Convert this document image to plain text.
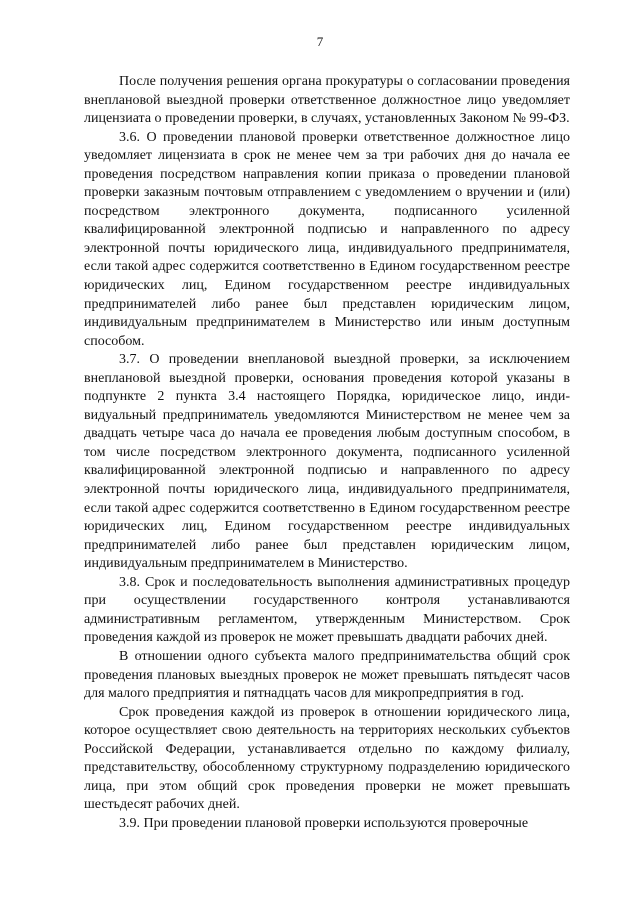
7

После получения решения органа прокуратуры о согласовании проведения внеплановой выездной проверки ответственное должностное лицо уведомляет лицензиата о проведении проверки, в случаях, установленных Законом № 99-ФЗ.

3.6. О проведении плановой проверки ответственное должностное лицо уведомляет лицензиата в срок не менее чем за три рабочих дня до начала ее проведения посредством направления копии приказа о проведении плановой проверки заказным почтовым отправлением с уведомлением о вручении и (или) посредством электронного документа, подписанного усиленной квалифицированной электронной подписью и направленного по адресу электронной почты юридического лица, индивидуального предпринимателя, если такой адрес содержится соответственно в Едином государственном реестре юридических лиц, Едином государственном реестре индивидуальных предпринимателей либо ранее был представлен юридическим лицом, индивидуальным предпринимателем в Министерство или иным доступным способом.

3.7. О проведении внеплановой выездной проверки, за исключением внеплановой выездной проверки, основания проведения которой указаны в подпункте 2 пункта 3.4 настоящего Порядка, юридическое лицо, индивидуальный предприниматель уведомляются Министерством не менее чем за двадцать четыре часа до начала ее проведения любым доступным способом, в том числе посредством электронного документа, подписанного усиленной квалифицированной электронной подписью и направленного по адресу электронной почты юридического лица, индивидуального предпринимателя, если такой адрес содержится соответственно в Едином государственном реестре юридических лиц, Едином государственном реестре индивидуальных предпринимателей либо ранее был представлен юридическим лицом, индивидуальным предпринимателем в Министерство.

3.8. Срок и последовательность выполнения административных процедур при осуществлении государственного контроля устанавливаются административным регламентом, утвержденным Министерством. Срок проведения каждой из проверок не может превышать двадцати рабочих дней.

В отношении одного субъекта малого предпринимательства общий срок проведения плановых выездных проверок не может превышать пятьдесят часов для малого предприятия и пятнадцать часов для микропредприятия в год.

Срок проведения каждой из проверок в отношении юридического лица, которое осуществляет свою деятельность на территориях нескольких субъектов Российской Федерации, устанавливается отдельно по каждому филиалу, представительству, обособленному структурному подразделению юридического лица, при этом общий срок проведения проверки не может превышать шестьдесят рабочих дней.

3.9. При проведении плановой проверки используются проверочные
